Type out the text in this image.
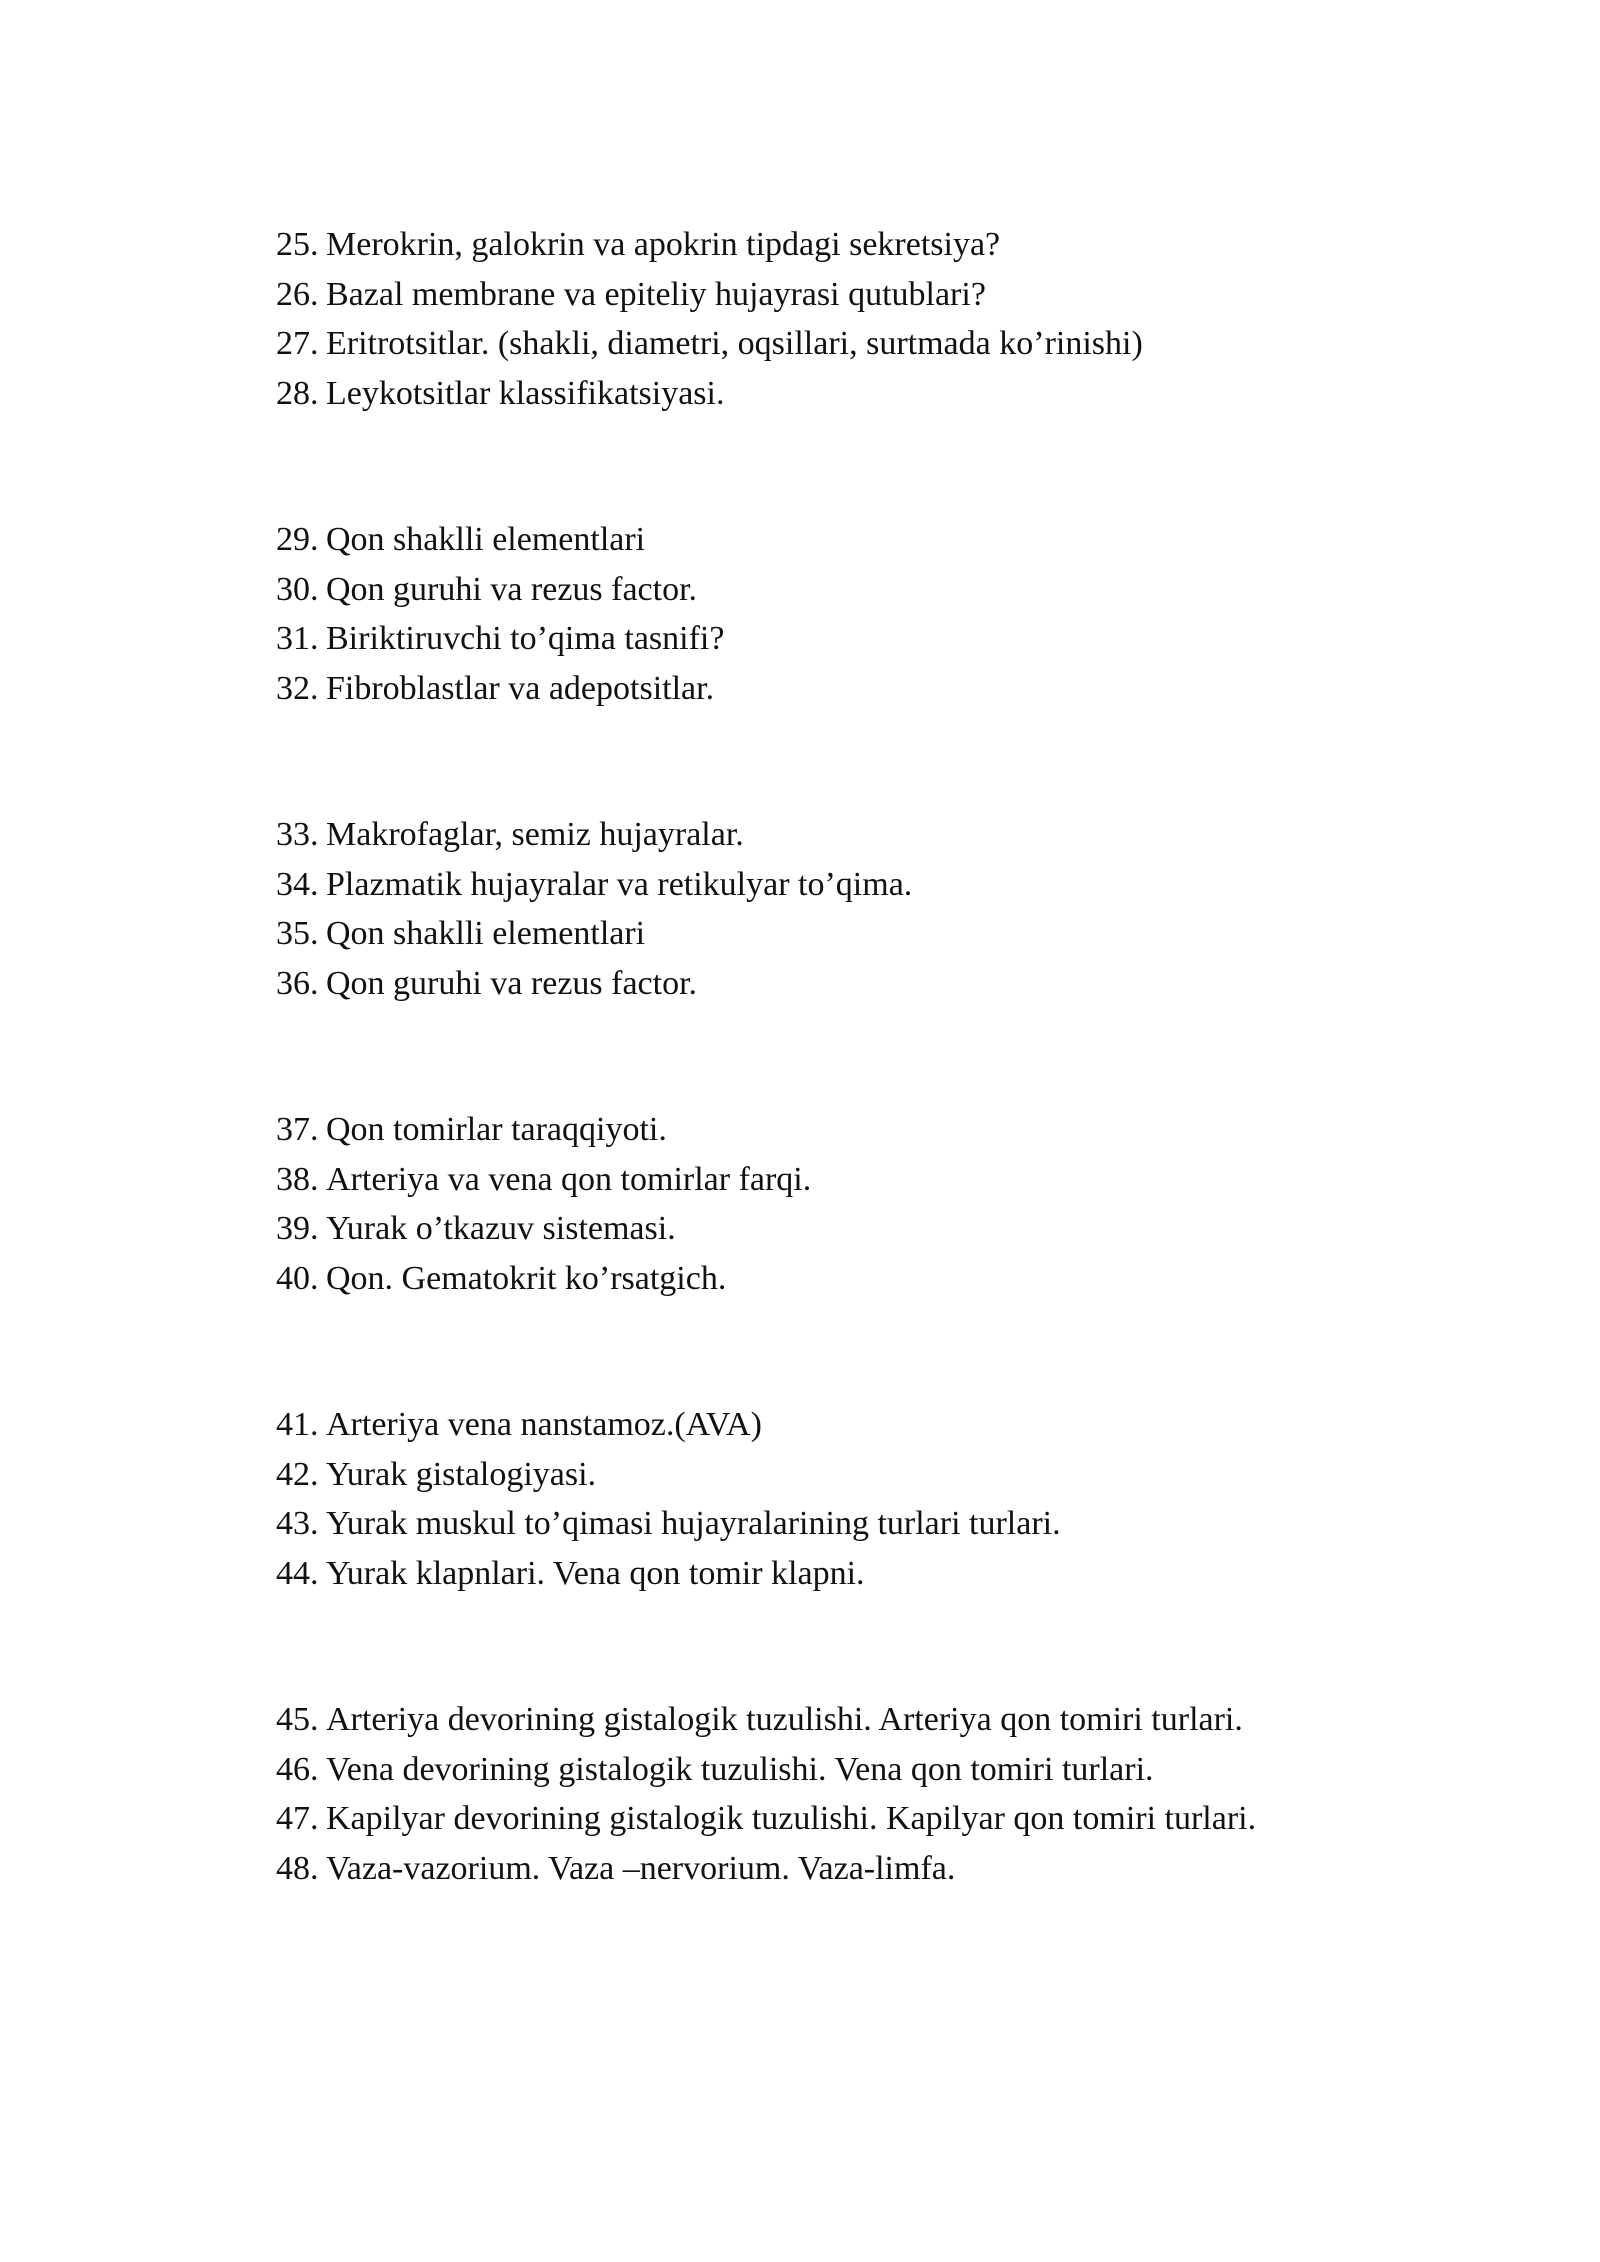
25. Merokrin, galokrin va apokrin tipdagi sekretsiya?
26. Bazal membrane va epiteliy hujayrasi qutublari?
27. Eritrotsitlar. (shakli, diametri, oqsillari, surtmada ko’rinishi)
28. Leykotsitlar klassifikatsiyasi.
29. Qon shaklli elementlari
30. Qon guruhi va rezus factor.
31. Biriktiruvchi to’qima tasnifi?
32. Fibroblastlar va adepotsitlar.
33. Makrofaglar, semiz hujayralar.
34. Plazmatik hujayralar va retikulyar to’qima.
35. Qon shaklli elementlari
36. Qon guruhi va rezus factor.
37. Qon tomirlar taraqqiyoti.
38. Arteriya va vena qon tomirlar farqi.
39. Yurak o’tkazuv sistemasi.
40. Qon. Gematokrit ko’rsatgich.
41. Arteriya vena nanstamoz.(AVA)
42. Yurak gistalogiyasi.
43. Yurak muskul to’qimasi hujayralarining turlari turlari.
44. Yurak klapnlari. Vena qon tomir klapni.
45. Arteriya devorining gistalogik tuzulishi. Arteriya qon tomiri turlari.
46. Vena devorining gistalogik tuzulishi. Vena qon tomiri turlari.
47. Kapilyar devorining gistalogik tuzulishi. Kapilyar qon tomiri turlari.
48. Vaza-vazorium. Vaza –nervorium. Vaza-limfa.
